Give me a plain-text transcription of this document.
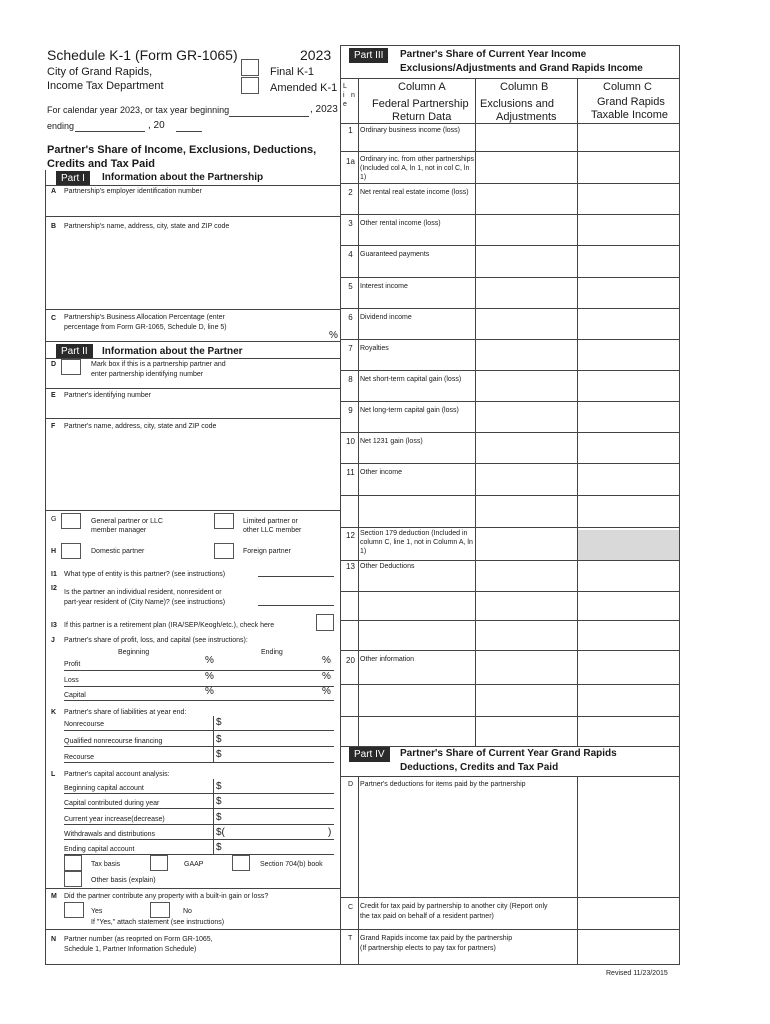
Schedule K-1 (Form GR-1065)	2023
City of Grand Rapids,
Income Tax Department
Final K-1
Amended K-1
For calendar year 2023, or tax year beginning	, 2023
ending	, 20
Partner's Share of Income, Exclusions, Deductions,
Credits and Tax Paid
Part I	Information about the Partnership
A Partnership's employer identification number
B Partnership's name, address, city, state and ZIP code
C Partnership's Business Allocation Percentage (enter
percentage from Form GR-1065, Schedule D, line 5)
%
Part II	Information about the Partner
D	Mark box if this is a partnership partner and
enter partnership identifying number
E Partner's identifying number
F Partner's name, address, city, state and ZIP code
G	General partner or LLC
member manager
Limited partner or
other LLC member
H	Domestic partner	Foreign partner
I1 What type of entity is this partner? (see instructions)
I2
Is the partner an individual resident, nonresident or
part-year resident of (City Name)? (see instructions)
I3 If this partner is a retirement plan (IRA/SEP/Keogh/etc.), check here
J Partner's share of profit, loss, and capital (see instructions):
Beginning	Ending
Profit	%	%
Loss	%	%
Capital	%	%
K Partner's share of liabilities at year end:
Nonrecourse	$
Qualified nonrecourse financing	$
Recourse	$
L Partner's capital account analysis:
Beginning capital account	$
Capital contributed during year	$
Current year increase(decrease)	$
Withdrawals and distributions	$(	)
Ending capital account	$
Tax basis	GAAP	Section 704(b) book
Other basis (explain)
M Did the partner contribute any property with a built-in gain or loss?
Yes	No
If "Yes," attach statement (see instructions)
N Partner number (as reoprted on Form GR-1065,
Schedule 1, Partner Information Schedule)
Part III	Partner's Share of Current Year Income
Exclusions/Adjustments and Grand Rapids Income
L
i n
e
Column A
Federal Partnership
Return Data
Column B
Exclusions and
Adjustments
Column C
Grand Rapids
Taxable Income
1	Ordinary business income (loss)
1a Ordinary inc. from other partnerships (Included col A, ln 1, not in col C, ln 1)
2	Net rental real estate income (loss)
3	Other rental income (loss)
4	Guaranteed payments
5	Interest income
6	Dividend income
7	Royalties
8	Net short-term capital gain (loss)
9	Net long-term capital gain (loss)
10 Net 1231 gain (loss)
11 Other income
12 Section 179 deduction (Included in column C, line 1, not in Column A, ln 1)
13 Other Deductions
20 Other information
Part IV	Partner's Share of Current Year Grand Rapids
Deductions, Credits and Tax Paid
D Partner's deductions for items paid by the partnership
C Credit for tax paid by partnership to another city (Report only
the tax paid on behalf of a resident partner)
T Grand Rapids income tax paid by the partnership
(If partnership elects to pay tax for partners)
Revised 11/23/2015
